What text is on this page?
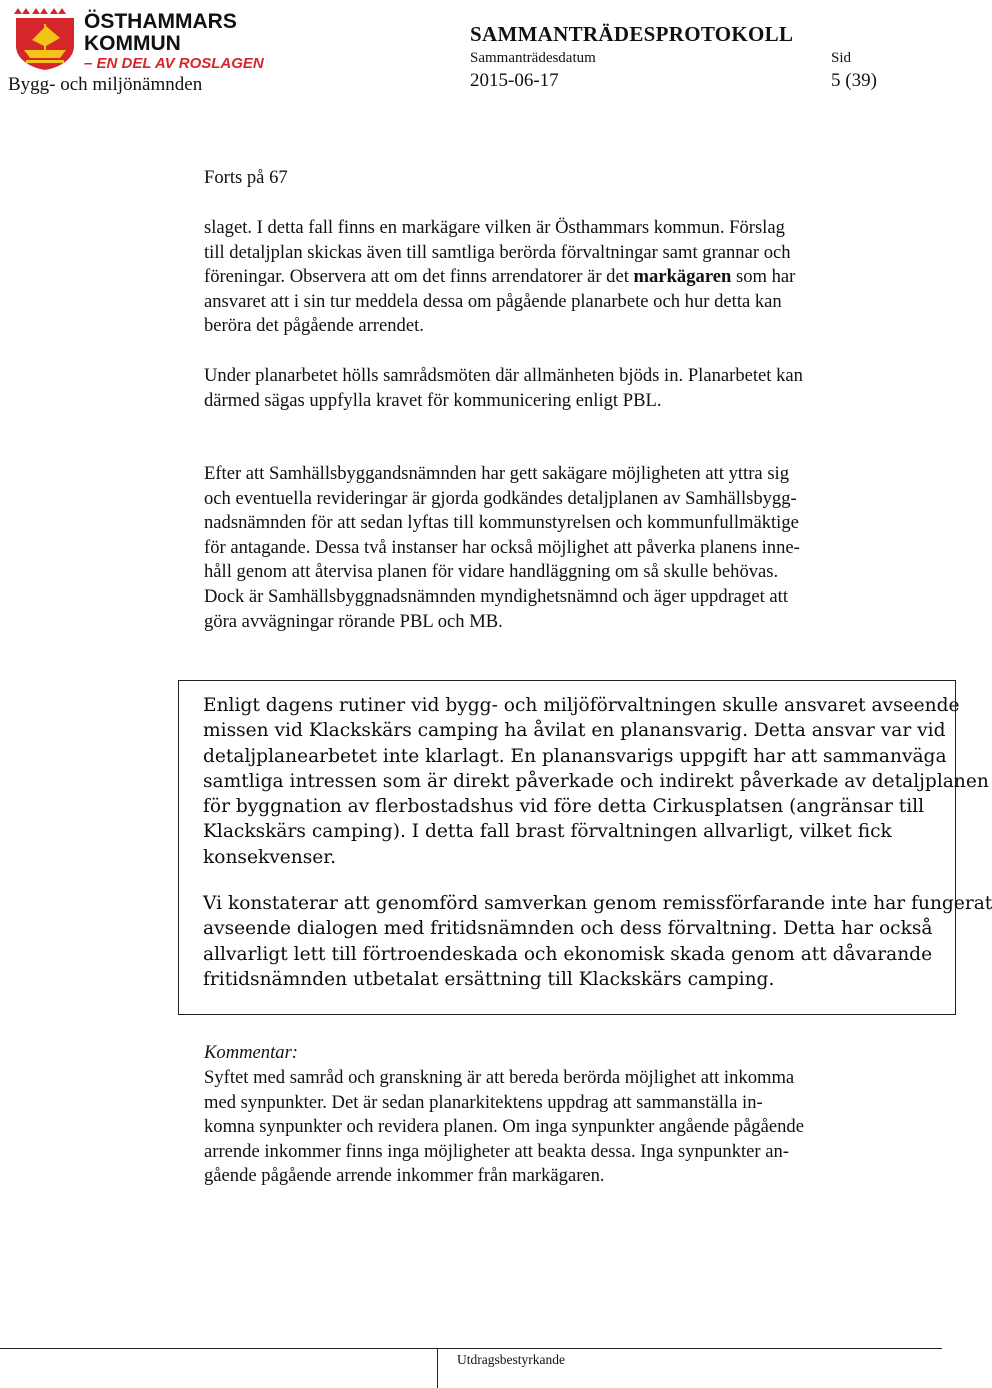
ÖSTHAMMARS
KOMMUN
– EN DEL AV ROSLAGEN
Bygg- och miljönämnden
SAMMANTRÄDESPROTOKOLL
Sammanträdesdatum	Sid
2015-06-17	5 (39)
Forts på 67

slaget. I detta fall finns en markägare vilken är Östhammars kommun. Förslag

till detaljplan skickas även till samtliga berörda förvaltningar samt grannar och

föreningar. Observera att om det finns arrendatorer är det markägaren som har

ansvaret att i sin tur meddela dessa om pågående planarbete och hur detta kan

beröra det pågående arrendet.

Under planarbetet hölls samrådsmöten där allmänheten bjöds in. Planarbetet kan

därmed sägas uppfylla kravet för kommunicering enligt PBL.

Efter att Samhällsbyggandsnämnden har gett sakägare möjligheten att yttra sig

och eventuella revideringar är gjorda godkändes detaljplanen av Samhällsbygg-

nadsnämnden för att sedan lyftas till kommunstyrelsen och kommunfullmäktige

för antagande. Dessa två instanser har också möjlighet att påverka planens inne-

håll genom att återvisa planen för vidare handläggning om så skulle behövas.

Dock är Samhällsbyggnadsnämnden myndighetsnämnd och äger uppdraget att

göra avvägningar rörande PBL och MB.

Enligt dagens rutiner vid bygg- och miljöförvaltningen skulle ansvaret avseende

missen vid Klackskärs camping ha åvilat en planansvarig. Detta ansvar var vid

detaljplanearbetet inte klarlagt. En planansvarigs uppgift har att sammanväga

samtliga intressen som är direkt påverkade och indirekt påverkade av detaljplanen

för byggnation av flerbostadshus vid före detta Cirkusplatsen (angränsar till

Klackskärs camping). I detta fall brast förvaltningen allvarligt, vilket fick

konsekvenser.

Vi konstaterar att genomförd samverkan genom remissförfarande inte har fungerat

avseende dialogen med fritidsnämnden och dess förvaltning. Detta har också

allvarligt lett till förtroendeskada och ekonomisk skada genom att dåvarande

fritidsnämnden utbetalat ersättning till Klackskärs camping.

Kommentar:

Syftet med samråd och granskning är att bereda berörda möjlighet att inkomma

med synpunkter. Det är sedan planarkitektens uppdrag att sammanställa in-

komna synpunkter och revidera planen. Om inga synpunkter angående pågående

arrende inkommer finns inga möjligheter att beakta dessa. Inga synpunkter an-

gående pågående arrende inkommer från markägaren.

Utdragsbestyrkande
